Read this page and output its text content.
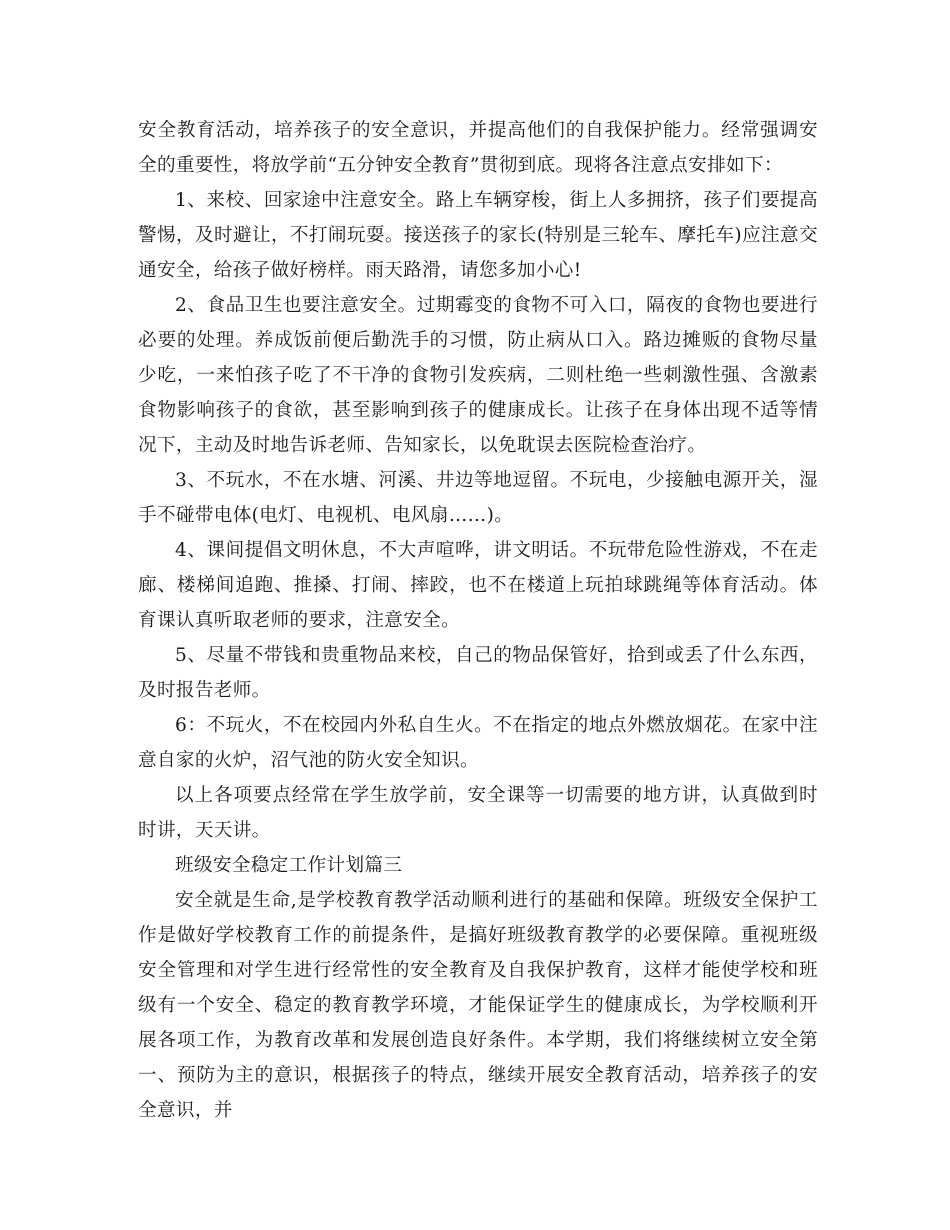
安全教育活动，培养孩子的安全意识，并提高他们的自我保护能力。经常强调安全的重要性，将放学前“五分钟安全教育”贯彻到底。现将各注意点安排如下：

1、来校、回家途中注意安全。路上车辆穿梭，街上人多拥挤，孩子们要提高警惕，及时避让，不打闹玩耍。接送孩子的家长(特别是三轮车、摩托车)应注意交通安全，给孩子做好榜样。雨天路滑，请您多加小心!

2、食品卫生也要注意安全。过期霉变的食物不可入口，隔夜的食物也要进行必要的处理。养成饭前便后勤洗手的习惯，防止病从口入。路边摊贩的食物尽量少吃，一来怕孩子吃了不干净的食物引发疾病，二则杜绝一些刺激性强、含激素食物影响孩子的食欲，甚至影响到孩子的健康成长。让孩子在身体出现不适等情况下，主动及时地告诉老师、告知家长，以免耽误去医院检查治疗。

3、不玩水，不在水塘、河溪、井边等地逗留。不玩电，少接触电源开关，湿手不碰带电体(电灯、电视机、电风扇……)。

4、课间提倡文明休息，不大声喧哗，讲文明话。不玩带危险性游戏，不在走廊、楼梯间追跑、推搡、打闹、摔跤，也不在楼道上玩拍球跳绳等体育活动。体育课认真听取老师的要求，注意安全。

5、尽量不带钱和贵重物品来校，自己的物品保管好，拾到或丢了什么东西，及时报告老师。

6：不玩火，不在校园内外私自生火。不在指定的地点外燃放烟花。在家中注意自家的火炉，沼气池的防火安全知识。

以上各项要点经常在学生放学前，安全课等一切需要的地方讲，认真做到时时讲，天天讲。

班级安全稳定工作计划篇三

安全就是生命,是学校教育教学活动顺利进行的基础和保障。班级安全保护工作是做好学校教育工作的前提条件，是搞好班级教育教学的必要保障。重视班级安全管理和对学生进行经常性的安全教育及自我保护教育，这样才能使学校和班级有一个安全、稳定的教育教学环境，才能保证学生的健康成长，为学校顺利开展各项工作，为教育改革和发展创造良好条件。本学期，我们将继续树立安全第一、预防为主的意识，根据孩子的特点，继续开展安全教育活动，培养孩子的安全意识，并
